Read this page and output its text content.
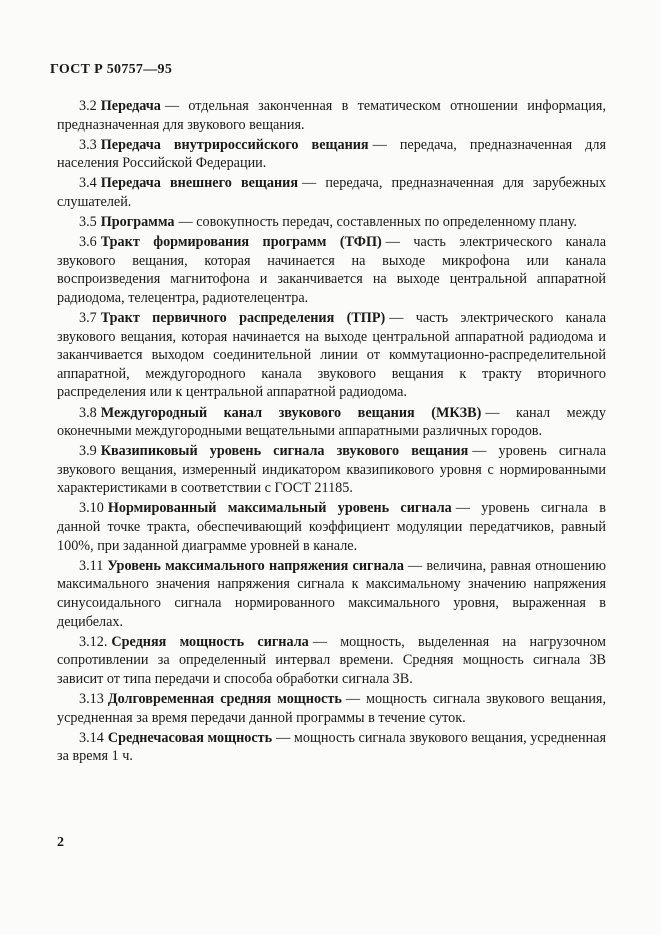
ГОСТ Р 50757—95

3.2 Передача — отдельная законченная в тематическом отношении информация, предназначенная для звукового вещания.

3.3 Передача внутрироссийского вещания — передача, предназначенная для населения Российской Федерации.

3.4 Передача внешнего вещания — передача, предназначенная для зарубежных слушателей.

3.5 Программа — совокупность передач, составленных по определенному плану.

3.6 Тракт формирования программ (ТФП) — часть электрического канала звукового вещания, которая начинается на выходе микрофона или канала воспроизведения магнитофона и заканчивается на выходе центральной аппаратной радиодома, телецентра, радиотелецентра.

3.7 Тракт первичного распределения (ТПР) — часть электрического канала звукового вещания, которая начинается на выходе центральной аппаратной радиодома и заканчивается выходом соединительной линии от коммутационно-распределительной аппаратной, междугородного канала звукового вещания к тракту вторичного распределения или к центральной аппаратной радиодома.

3.8 Междугородный канал звукового вещания (МКЗВ) — канал между оконечными междугородными вещательными аппаратными различных городов.

3.9 Квазипиковый уровень сигнала звукового вещания — уровень сигнала звукового вещания, измеренный индикатором квазипикового уровня с нормированными характеристиками в соответствии с ГОСТ 21185.

3.10 Нормированный максимальный уровень сигнала — уровень сигнала в данной точке тракта, обеспечивающий коэффициент модуляции передатчиков, равный 100%, при заданной диаграмме уровней в канале.

3.11 Уровень максимального напряжения сигнала — величина, равная отношению максимального значения напряжения сигнала к максимальному значению напряжения синусоидального сигнала нормированного максимального уровня, выраженная в децибелах.

3.12. Средняя мощность сигнала — мощность, выделенная на нагрузочном сопротивлении за определенный интервал времени. Средняя мощность сигнала ЗВ зависит от типа передачи и способа обработки сигнала ЗВ.

3.13 Долговременная средняя мощность — мощность сигнала звукового вещания, усредненная за время передачи данной программы в течение суток.

3.14 Среднечасовая мощность — мощность сигнала звукового вещания, усредненная за время 1 ч.

2
